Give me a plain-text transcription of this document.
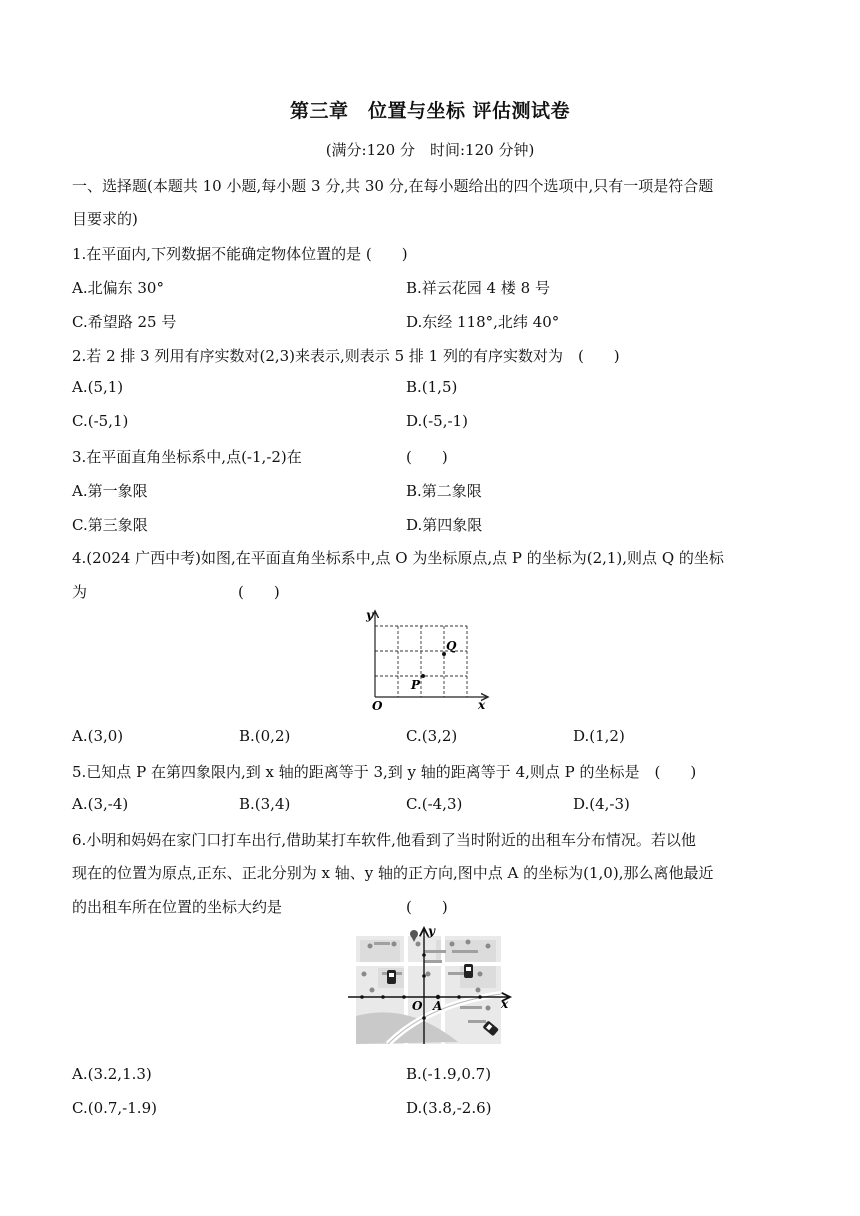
第三章　位置与坐标 评估测试卷
(满分:120 分　时间:120 分钟)
一、选择题(本题共 10 小题,每小题 3 分,共 30 分,在每小题给出的四个选项中,只有一项是符合题
目要求的)
1.在平面内,下列数据不能确定物体位置的是 (　　)
A.北偏东 30°	B.祥云花园 4 楼 8 号
C.希望路 25 号	D.东经 118°,北纬 40°
2.若 2 排 3 列用有序实数对(2,3)来表示,则表示 5 排 1 列的有序实数对为　(　　)
A.(5,1)	B.(1,5)
C.(-5,1)	D.(-5,-1)
3.在平面直角坐标系中,点(-1,-2)在	(　　)
A.第一象限	B.第二象限
C.第三象限	D.第四象限
4.(2024 广西中考)如图,在平面直角坐标系中,点 O 为坐标原点,点 P 的坐标为(2,1),则点 Q 的坐标
为	(　　)
y
x
O
P
Q
A.(3,0)	B.(0,2)	C.(3,2)	D.(1,2)
5.已知点 P 在第四象限内,到 x 轴的距离等于 3,到 y 轴的距离等于 4,则点 P 的坐标是　(　　)
A.(3,-4)	B.(3,4)	C.(-4,3)	D.(4,-3)
6.小明和妈妈在家门口打车出行,借助某打车软件,他看到了当时附近的出租车分布情况。若以他
现在的位置为原点,正东、正北分别为 x 轴、y 轴的正方向,图中点 A 的坐标为(1,0),那么离他最近
的出租车所在位置的坐标大约是	(　　)
y
x
O A
A.(3.2,1.3)	B.(-1.9,0.7)
C.(0.7,-1.9)	D.(3.8,-2.6)
